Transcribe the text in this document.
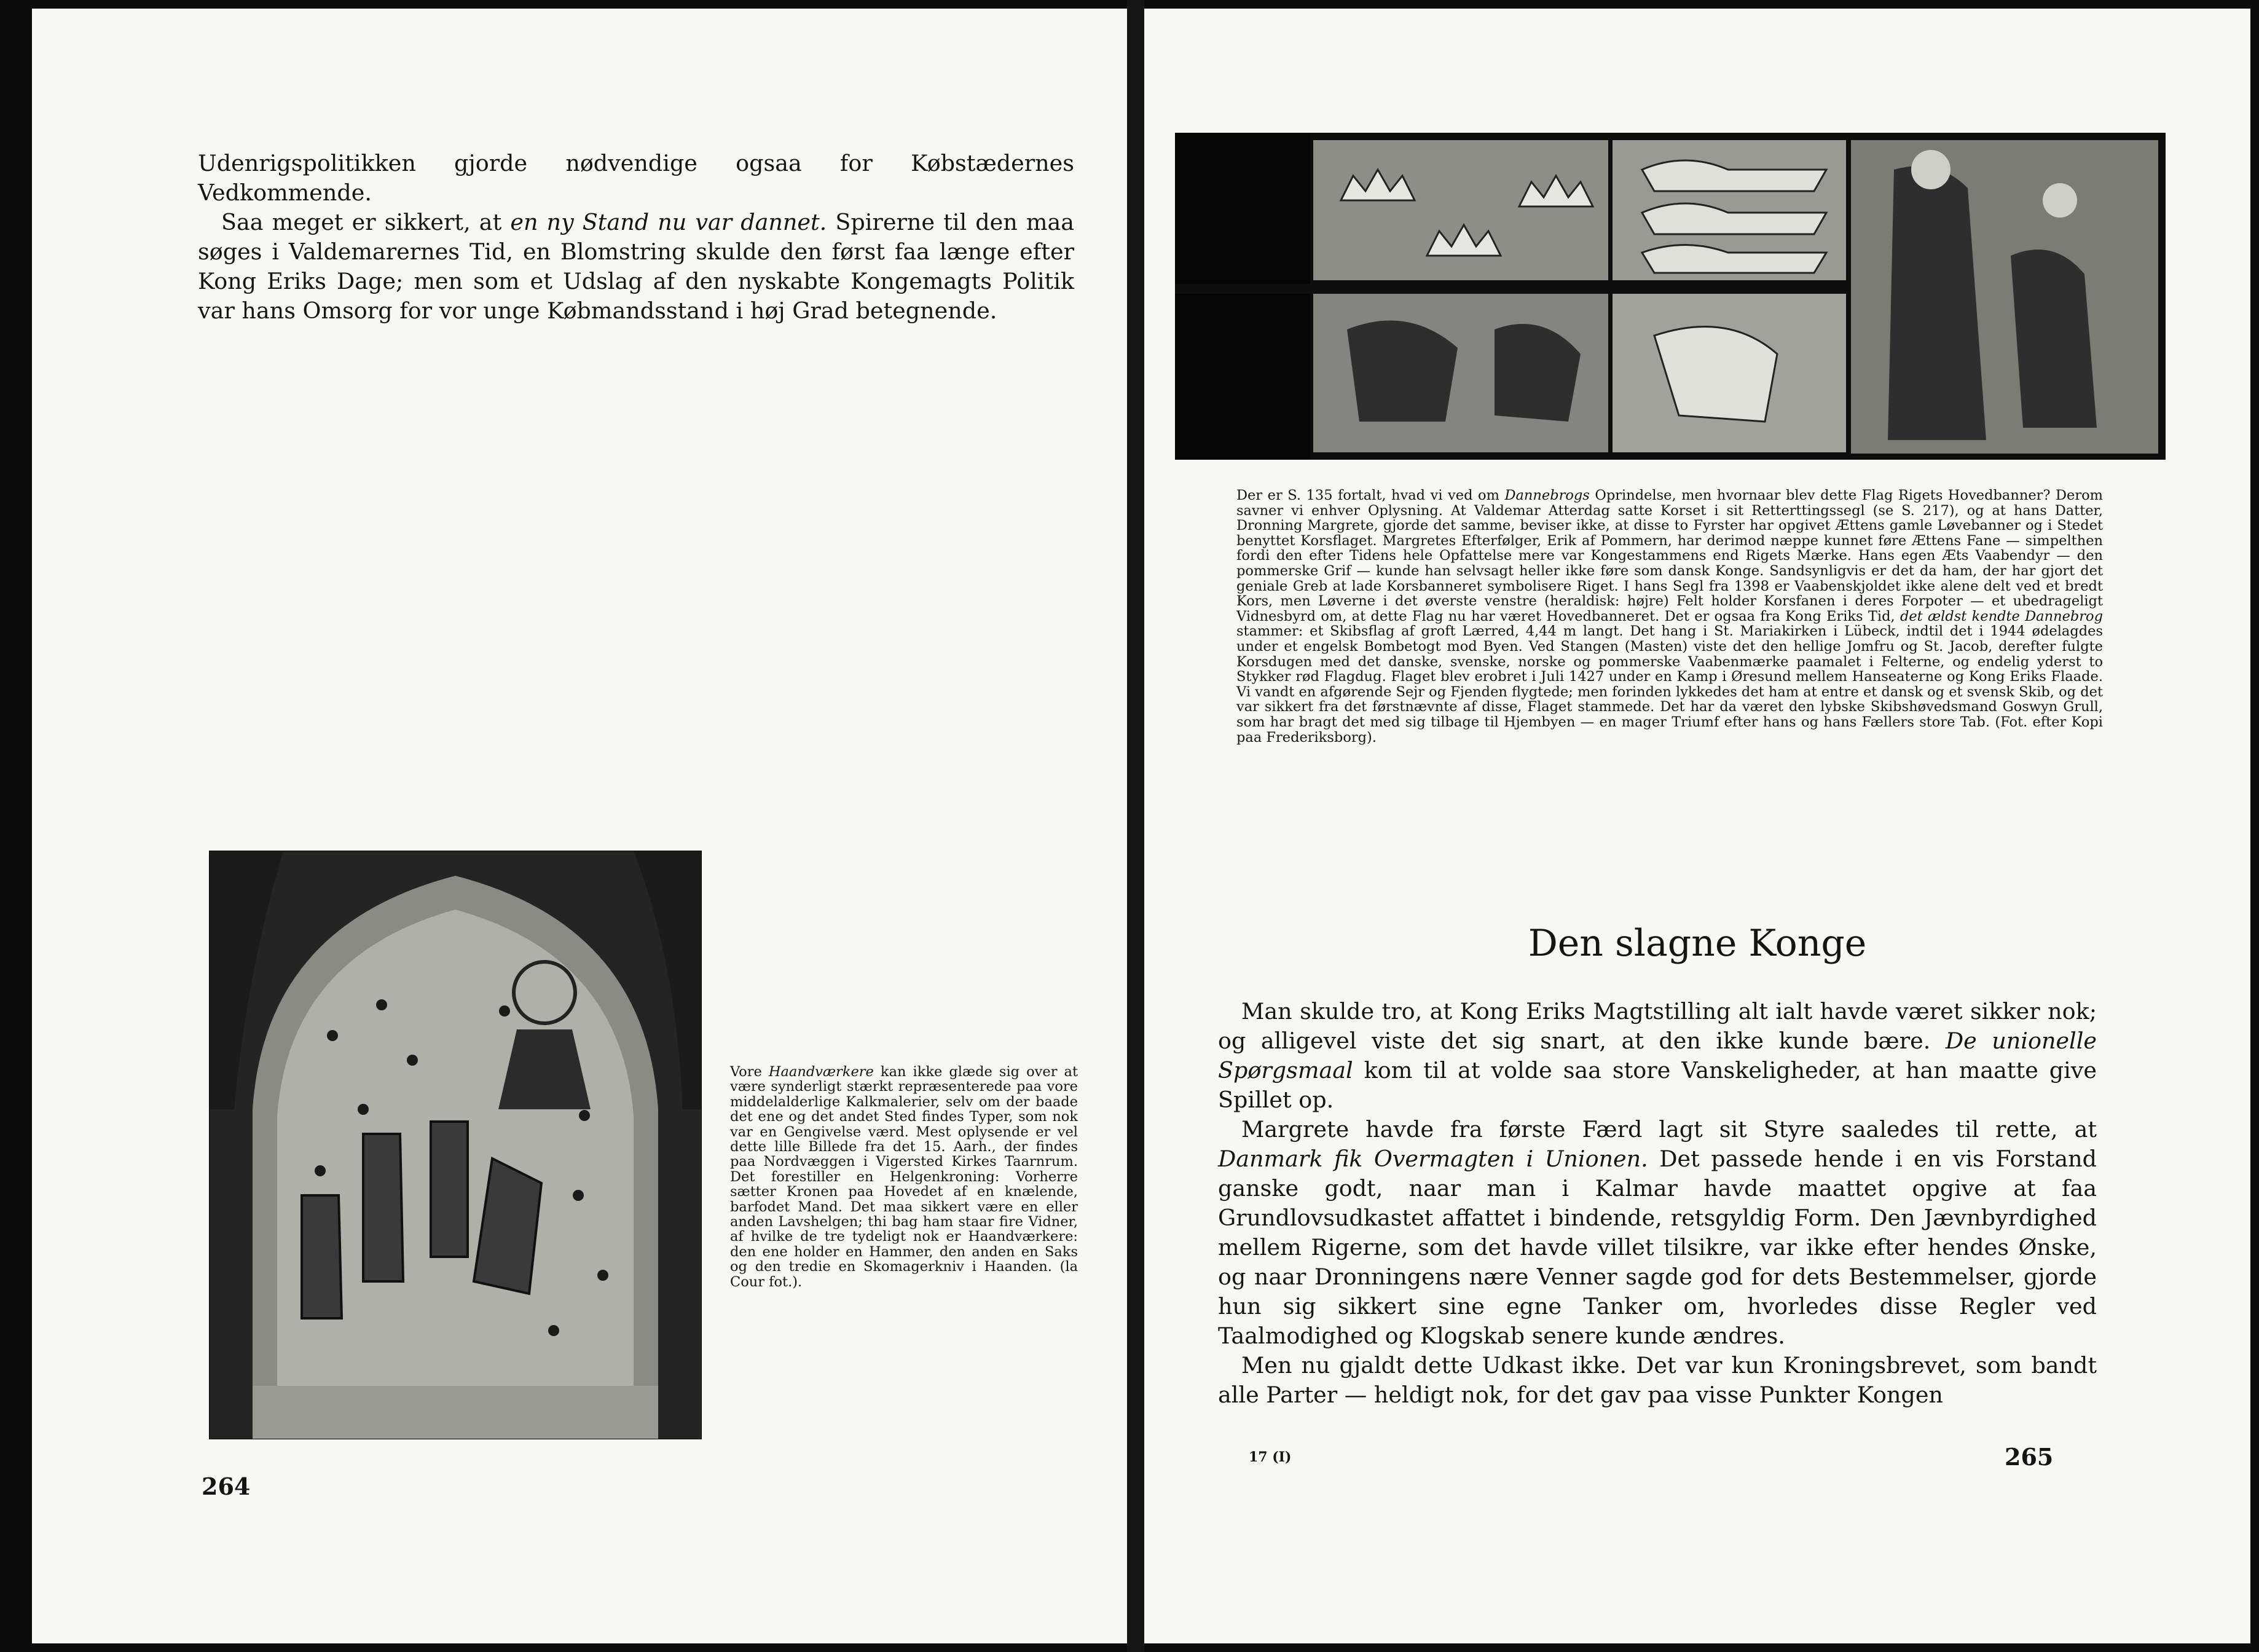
Udenrigspolitikken gjorde nødvendige ogsaa for Købstædernes Vedkommende.

Saa meget er sikkert, at en ny Stand nu var dannet. Spirerne til den maa søges i Valdemarernes Tid, en Blomstring skulde den først faa længe efter Kong Eriks Dage; men som et Udslag af den nyskabte Kongemagts Politik var hans Omsorg for vor unge Købmandsstand i høj Grad betegnende.

Vore Haandværkere kan ikke glæde sig over at være synderligt stærkt repræsenterede paa vore middelalderlige Kalkmalerier, selv om der baade det ene og det andet Sted findes Typer, som nok var en Gengivelse værd. Mest oplysende er vel dette lille Billede fra det 15. Aarh., der findes paa Nordvæggen i Vigersted Kirkes Taarnrum. Det forestiller en Helgenkroning: Vorherre sætter Kronen paa Hovedet af en knælende, barfodet Mand. Det maa sikkert være en eller anden Lavshelgen; thi bag ham staar fire Vidner, af hvilke de tre tydeligt nok er Haandværkere: den ene holder en Hammer, den anden en Saks og den tredie en Skomagerkniv i Haanden. (la Cour fot.).
264
Der er S. 135 fortalt, hvad vi ved om Dannebrogs Oprindelse, men hvornaar blev dette Flag Rigets Hovedbanner? Derom savner vi enhver Oplysning. At Valdemar Atterdag satte Korset i sit Retterttingssegl (se S. 217), og at hans Datter, Dronning Margrete, gjorde det samme, beviser ikke, at disse to Fyrster har opgivet Ættens gamle Løvebanner og i Stedet benyttet Korsflaget. Margretes Efterfølger, Erik af Pommern, har derimod næppe kunnet føre Ættens Fane — simpelthen fordi den efter Tidens hele Opfattelse mere var Kongestammens end Rigets Mærke. Hans egen Æts Vaabendyr — den pommerske Grif — kunde han selvsagt heller ikke føre som dansk Konge. Sandsynligvis er det da ham, der har gjort det geniale Greb at lade Korsbanneret symbolisere Riget. I hans Segl fra 1398 er Vaabenskjoldet ikke alene delt ved et bredt Kors, men Løverne i det øverste venstre (heraldisk: højre) Felt holder Korsfanen i deres Forpoter — et ubedrageligt Vidnesbyrd om, at dette Flag nu har været Hovedbanneret. Det er ogsaa fra Kong Eriks Tid, det ældst kendte Dannebrog stammer: et Skibsflag af groft Lærred, 4,44 m langt. Det hang i St. Mariakirken i Lübeck, indtil det i 1944 ødelagdes under et engelsk Bombetogt mod Byen. Ved Stangen (Masten) viste det den hellige Jomfru og St. Jacob, derefter fulgte Korsdugen med det danske, svenske, norske og pommerske Vaabenmærke paamalet i Felterne, og endelig yderst to Stykker rød Flagdug. Flaget blev erobret i Juli 1427 under en Kamp i Øresund mellem Hanseaterne og Kong Eriks Flaade. Vi vandt en afgørende Sejr og Fjenden flygtede; men forinden lykkedes det ham at entre et dansk og et svensk Skib, og det var sikkert fra det førstnævnte af disse, Flaget stammede. Det har da været den lybske Skibshøvedsmand Goswyn Grull, som har bragt det med sig tilbage til Hjembyen — en mager Triumf efter hans og hans Fællers store Tab. (Fot. efter Kopi paa Frederiksborg).
Den slagne Konge

Man skulde tro, at Kong Eriks Magtstilling alt ialt havde været sikker nok; og alligevel viste det sig snart, at den ikke kunde bære. De unionelle Spørgsmaal kom til at volde saa store Vanskeligheder, at han maatte give Spillet op.

Margrete havde fra første Færd lagt sit Styre saaledes til rette, at Danmark fik Overmagten i Unionen. Det passede hende i en vis Forstand ganske godt, naar man i Kalmar havde maattet opgive at faa Grundlovsudkastet affattet i bindende, retsgyldig Form. Den Jævnbyrdighed mellem Rigerne, som det havde villet tilsikre, var ikke efter hendes Ønske, og naar Dronningens nære Venner sagde god for dets Bestemmelser, gjorde hun sig sikkert sine egne Tanker om, hvorledes disse Regler ved Taalmodighed og Klogskab senere kunde ændres.

Men nu gjaldt dette Udkast ikke. Det var kun Kroningsbrevet, som bandt alle Parter — heldigt nok, for det gav paa visse Punkter Kongen

17 (I)	265
